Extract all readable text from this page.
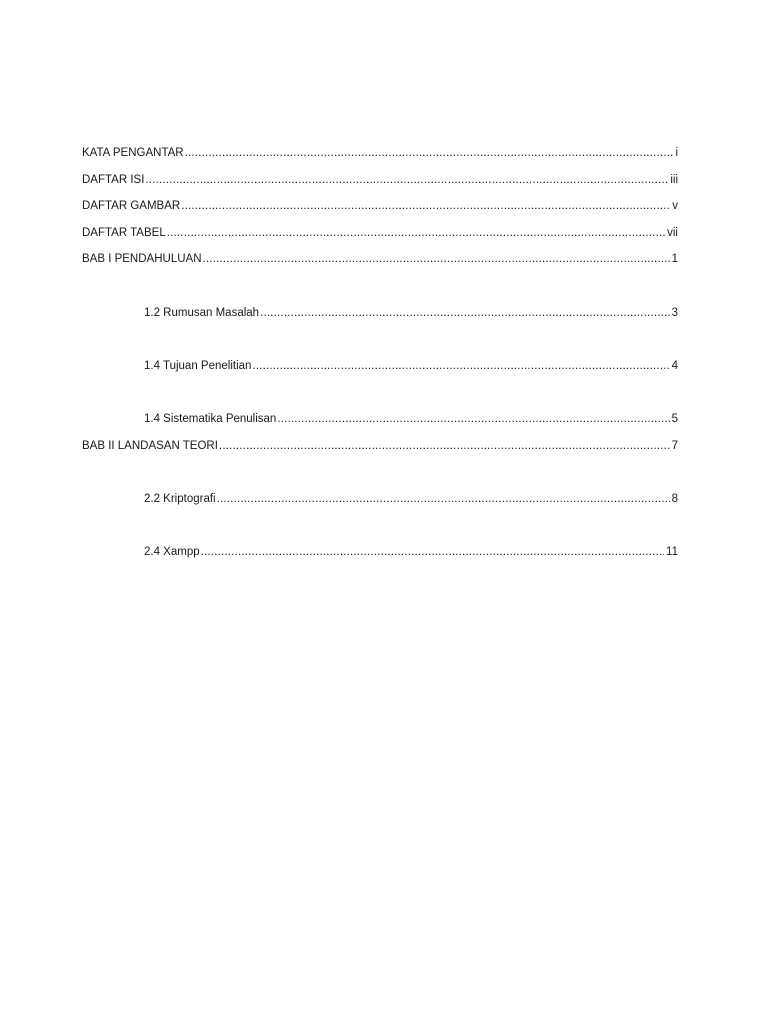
KATA PENGANTAR .....	i
DAFTAR ISI .....	iii
DAFTAR GAMBAR .....	v
DAFTAR TABEL .....	vii
BAB I PENDAHULUAN .....	1
1.2 Rumusan Masalah .....	3
1.4 Tujuan Penelitian .....	4
1.4 Sistematika Penulisan .....	5
BAB II LANDASAN TEORI .....	7
2.2 Kriptografi .....	8
2.4 Xampp .....	11
